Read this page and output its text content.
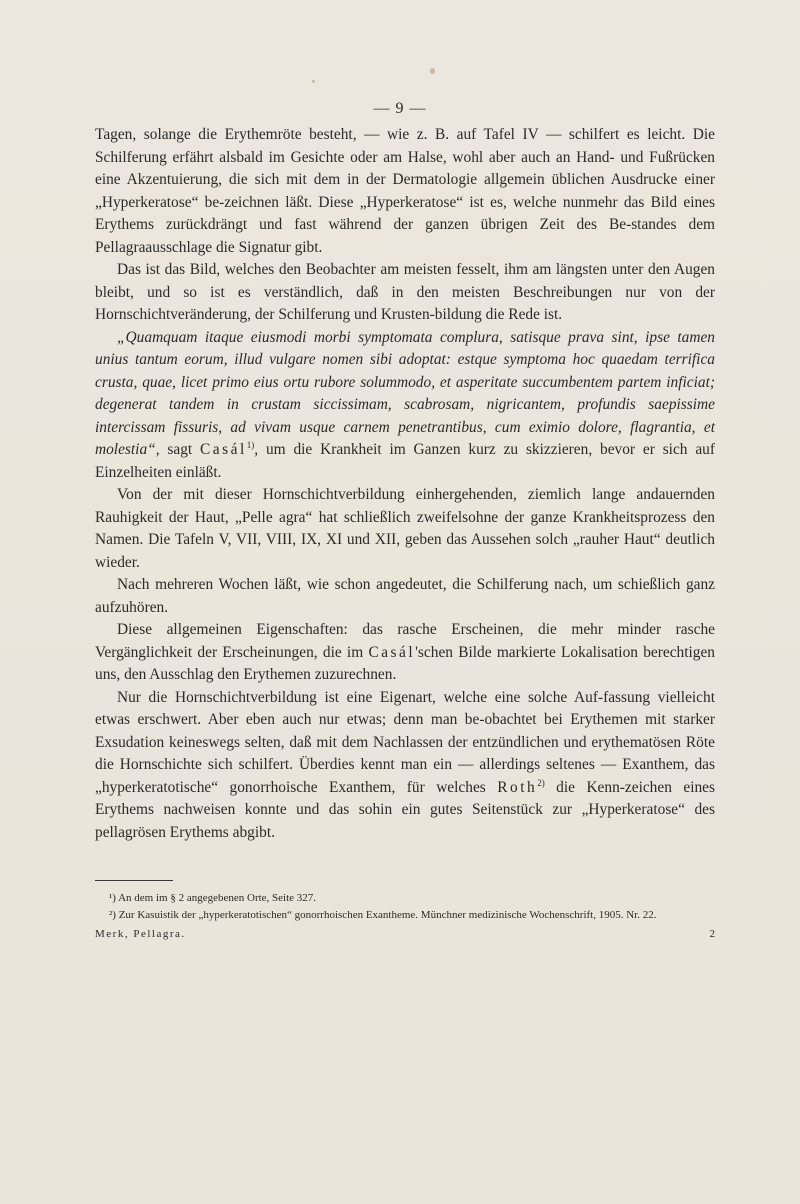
— 9 —

Tagen, solange die Erythemröte besteht, — wie z. B. auf Tafel IV — schilfert es leicht. Die Schilferung erfährt alsbald im Gesichte oder am Halse, wohl aber auch an Hand- und Fußrücken eine Akzentuierung, die sich mit dem in der Dermatologie allgemein üblichen Ausdrucke einer „Hyperkeratose“ be-zeichnen läßt. Diese „Hyperkeratose“ ist es, welche nunmehr das Bild eines Erythems zurückdrängt und fast während der ganzen übrigen Zeit des Be-standes dem Pellagraausschlage die Signatur gibt.

Das ist das Bild, welches den Beobachter am meisten fesselt, ihm am längsten unter den Augen bleibt, und so ist es verständlich, daß in den meisten Beschreibungen nur von der Hornschichtveränderung, der Schilferung und Krusten-bildung die Rede ist.

„Quamquam itaque eiusmodi morbi symptomata complura, satisque prava sint, ipse tamen unius tantum eorum, illud vulgare nomen sibi adoptat: estque symptoma hoc quaedam terrifica crusta, quae, licet primo eius ortu rubore solummodo, et asperitate succumbentem partem inficiat; degenerat tandem in crustam siccissimam, scabrosam, nigricantem, profundis saepissime intercissam fissuris, ad vivam usque carnem penetrantibus, cum eximio dolore, flagrantia, et molestia“, sagt Casál$^{1)}$, um die Krankheit im Ganzen kurz zu skizzieren, bevor er sich auf Einzelheiten einläßt.

Von der mit dieser Hornschichtverbildung einhergehenden, ziemlich lange andauernden Rauhigkeit der Haut, „Pelle agra“ hat schließlich zweifelsohne der ganze Krankheitsprozess den Namen. Die Tafeln V, VII, VIII, IX, XI und XII, geben das Aussehen solch „rauher Haut“ deutlich wieder.

Nach mehreren Wochen läßt, wie schon angedeutet, die Schilferung nach, um schießlich ganz aufzuhören.

Diese allgemeinen Eigenschaften: das rasche Erscheinen, die mehr minder rasche Vergänglichkeit der Erscheinungen, die im Casál'schen Bilde markierte Lokalisation berechtigen uns, den Ausschlag den Erythemen zuzurechnen.

Nur die Hornschichtverbildung ist eine Eigenart, welche eine solche Auf-fassung vielleicht etwas erschwert. Aber eben auch nur etwas; denn man be-obachtet bei Erythemen mit starker Exsudation keineswegs selten, daß mit dem Nachlassen der entzündlichen und erythematösen Röte die Hornschichte sich schilfert. Überdies kennt man ein — allerdings seltenes — Exanthem, das „hyperkeratotische“ gonorrhoische Exanthem, für welches Roth$^{2)}$ die Kenn-zeichen eines Erythems nachweisen konnte und das sohin ein gutes Seitenstück zur „Hyperkeratose“ des pellagrösen Erythems abgibt.

¹) An dem im § 2 angegebenen Orte, Seite 327.

²) Zur Kasuistik der „hyperkeratotischen“ gonorrhoischen Exantheme. Münchner medizinische Wochenschrift, 1905. Nr. 22.

Merk, Pellagra.	2
